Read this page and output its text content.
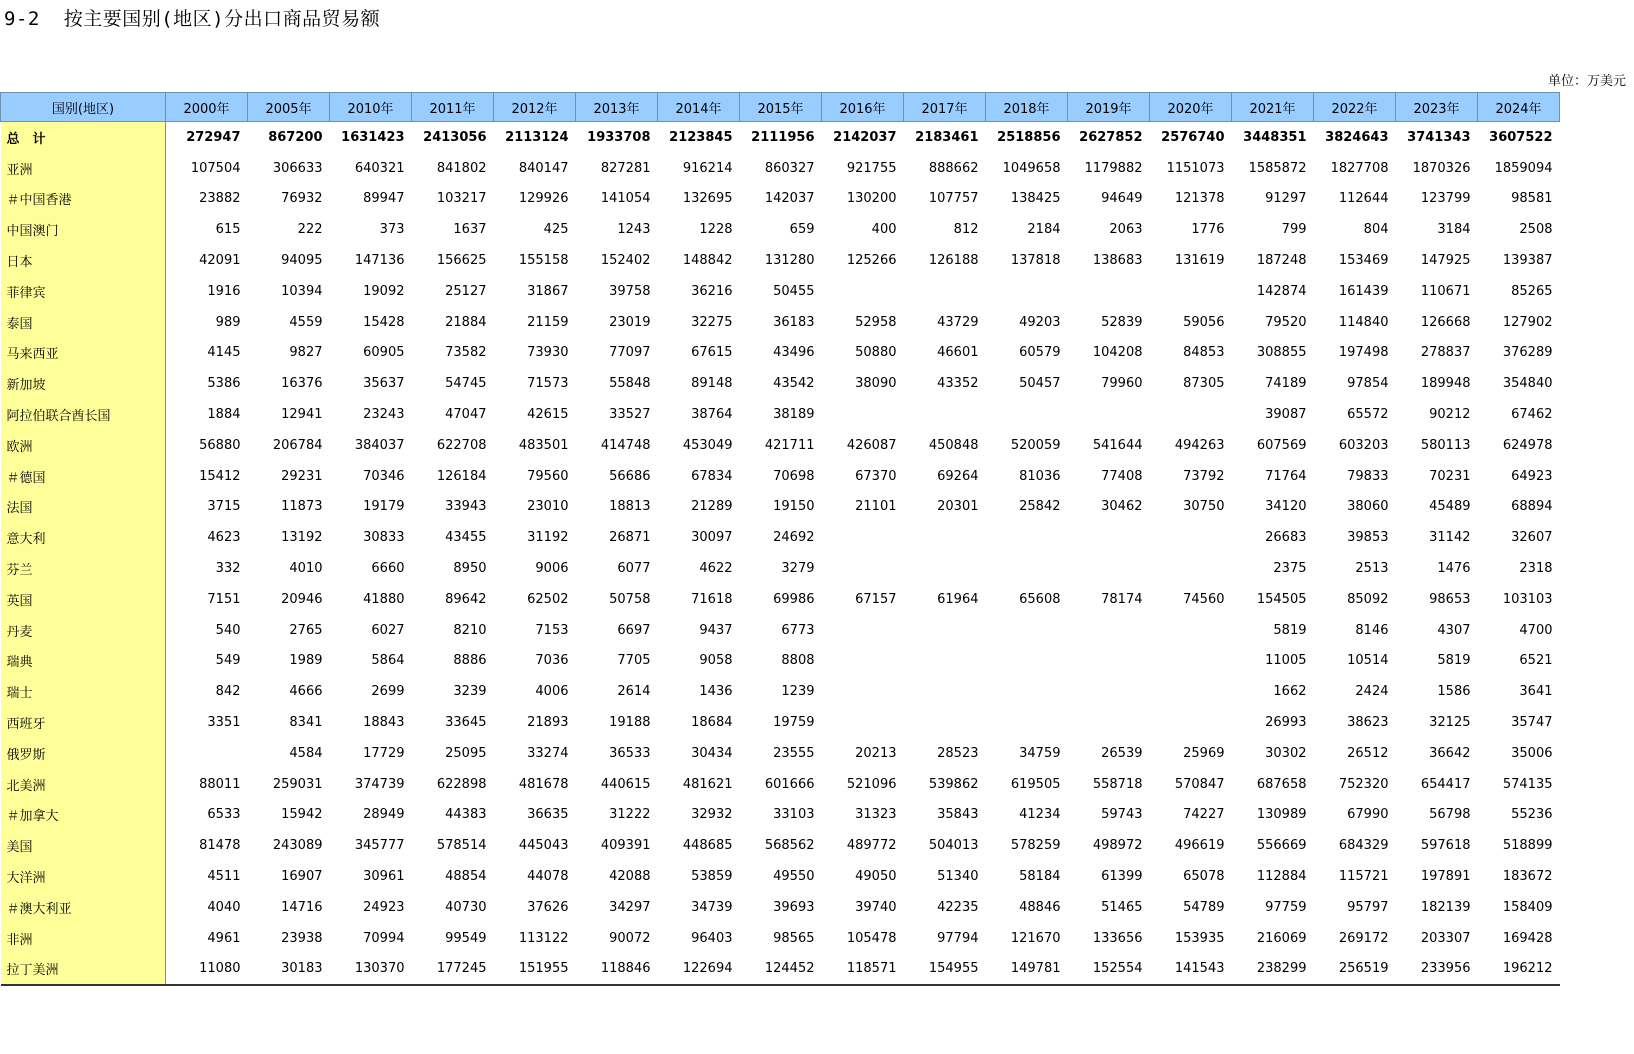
9-2  按主要国别(地区)分出口商品贸易额
单位：万美元
国别(地区)	2000年	2005年	2010年	2011年	2012年	2013年	2014年	2015年	2016年	2017年	2018年	2019年	2020年	2021年	2022年	2023年	2024年
总　计	272947	867200	1631423	2413056	2113124	1933708	2123845	2111956	2142037	2183461	2518856	2627852	2576740	3448351	3824643	3741343	3607522
亚洲	107504	306633	640321	841802	840147	827281	916214	860327	921755	888662	1049658	1179882	1151073	1585872	1827708	1870326	1859094
＃中国香港	23882	76932	89947	103217	129926	141054	132695	142037	130200	107757	138425	94649	121378	91297	112644	123799	98581
中国澳门	615	222	373	1637	425	1243	1228	659	400	812	2184	2063	1776	799	804	3184	2508
日本	42091	94095	147136	156625	155158	152402	148842	131280	125266	126188	137818	138683	131619	187248	153469	147925	139387
菲律宾	1916	10394	19092	25127	31867	39758	36216	50455						142874	161439	110671	85265
泰国	989	4559	15428	21884	21159	23019	32275	36183	52958	43729	49203	52839	59056	79520	114840	126668	127902
马来西亚	4145	9827	60905	73582	73930	77097	67615	43496	50880	46601	60579	104208	84853	308855	197498	278837	376289
新加坡	5386	16376	35637	54745	71573	55848	89148	43542	38090	43352	50457	79960	87305	74189	97854	189948	354840
阿拉伯联合酋长国	1884	12941	23243	47047	42615	33527	38764	38189						39087	65572	90212	67462
欧洲	56880	206784	384037	622708	483501	414748	453049	421711	426087	450848	520059	541644	494263	607569	603203	580113	624978
＃德国	15412	29231	70346	126184	79560	56686	67834	70698	67370	69264	81036	77408	73792	71764	79833	70231	64923
法国	3715	11873	19179	33943	23010	18813	21289	19150	21101	20301	25842	30462	30750	34120	38060	45489	68894
意大利	4623	13192	30833	43455	31192	26871	30097	24692						26683	39853	31142	32607
芬兰	332	4010	6660	8950	9006	6077	4622	3279						2375	2513	1476	2318
英国	7151	20946	41880	89642	62502	50758	71618	69986	67157	61964	65608	78174	74560	154505	85092	98653	103103
丹麦	540	2765	6027	8210	7153	6697	9437	6773						5819	8146	4307	4700
瑞典	549	1989	5864	8886	7036	7705	9058	8808						11005	10514	5819	6521
瑞士	842	4666	2699	3239	4006	2614	1436	1239						1662	2424	1586	3641
西班牙	3351	8341	18843	33645	21893	19188	18684	19759						26993	38623	32125	35747
俄罗斯		4584	17729	25095	33274	36533	30434	23555	20213	28523	34759	26539	25969	30302	26512	36642	35006
北美洲	88011	259031	374739	622898	481678	440615	481621	601666	521096	539862	619505	558718	570847	687658	752320	654417	574135
＃加拿大	6533	15942	28949	44383	36635	31222	32932	33103	31323	35843	41234	59743	74227	130989	67990	56798	55236
美国	81478	243089	345777	578514	445043	409391	448685	568562	489772	504013	578259	498972	496619	556669	684329	597618	518899
大洋洲	4511	16907	30961	48854	44078	42088	53859	49550	49050	51340	58184	61399	65078	112884	115721	197891	183672
＃澳大利亚	4040	14716	24923	40730	37626	34297	34739	39693	39740	42235	48846	51465	54789	97759	95797	182139	158409
非洲	4961	23938	70994	99549	113122	90072	96403	98565	105478	97794	121670	133656	153935	216069	269172	203307	169428
拉丁美洲	11080	30183	130370	177245	151955	118846	122694	124452	118571	154955	149781	152554	141543	238299	256519	233956	196212
